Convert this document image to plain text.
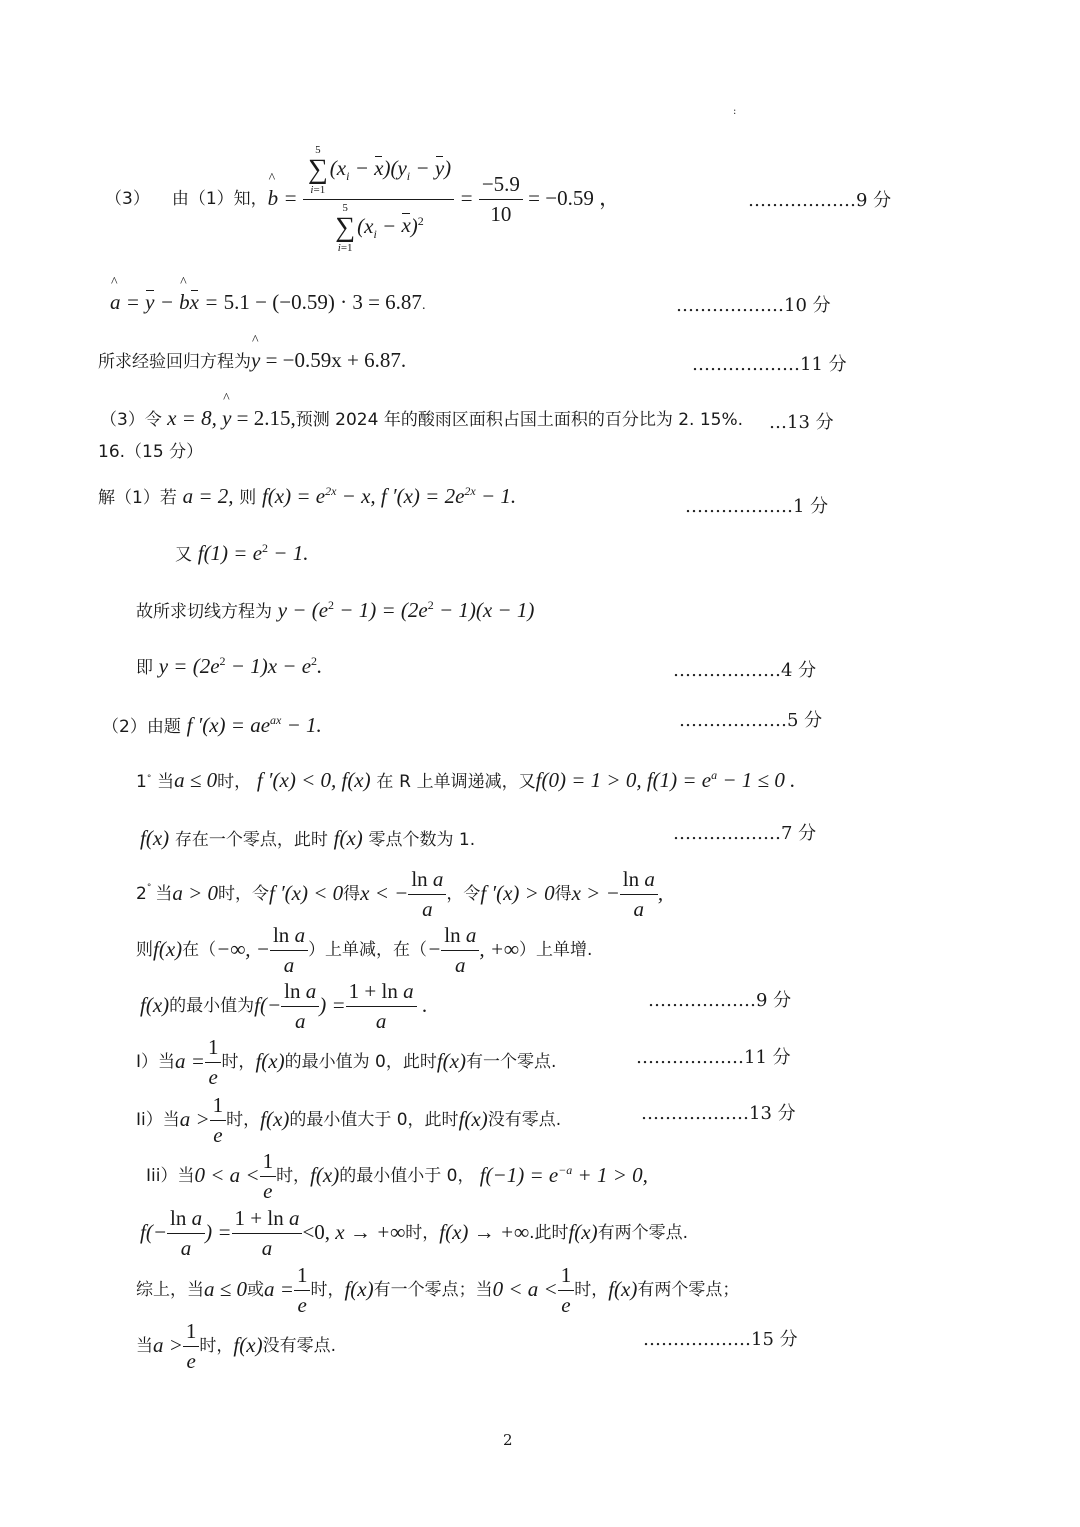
:
（3） 由（1）知， ^ b = 5
∑
i=1
$(x_i - x)(y_i - y)$
5
∑
i=1
$(x_i - x)^2 = \frac{-5.9}{10}$
= −0.59 ，	………………9 分
^ a = y − ^ bx = 5.1 − (−0.59) · 3 = 6.87.	………………10 分
所求经验回归方程为^ y = −0.59x + 6.87.	………………11 分
（3）令 x = 8, ^ y = 2.15,预测 2024 年的酸雨区面积占国土面积的百分比为 2. 15%. …13 分
16.（15 分）
解（1）若 a = 2, 则 $f(x) = e^{2x} - x$, f $'(x) = 2e^{2x} - 1$.	………………1 分
又 $f(1) = e^2 - 1$.
故所求切线方程为 $y - (e^2 - 1) = (2e^2 - 1)(x - 1)$
即 $y = (2e^2 - 1)x - e^2$.	………………4 分
（2）由题 f $'(x) = ae^{ax} - 1$.	………………5 分
1° 当a ≤ 0时， f ′(x) < 0, f(x) 在 R 上单调递减，又f(0) = 1 > 0, $f(1) = e^a - 1 \le 0$ .
f(x) 存在一个零点，此时 f(x) 零点个数为 1.	………………7 分
2 ° 当 a > 0 时，令 f ′(x) < 0 得 x < − $\frac{\text{ln a}}{a}$ ，令 f ′(x) > 0 得 x > − $\frac{\text{ln a}}{a}$ ,
则 f(x) 在（ −∞, − $\frac{\text{ln a}}{a}$ ）上单减，在（ − $\frac{\text{ln a}}{a}$ , +∞ ）上单增.
f(x) 的最小值为 $f(- \frac{\text{ln a}}{a}$ ) = $\frac{\text{1 + ln a}}{a}$
.	………………9 分
I）当 $a = \frac{1}{e}$ 时， f(x) 的最小值为 0，此时 f(x) 有一个零点.	………………11 分
Ii）当 $a > \frac{1}{e}$ 时， f(x) 的最小值大于 0，此时 f(x) 没有零点.	………………13 分
Iii）当 $0 < a < \frac{1}{e}$ 时， f(x) 的最小值小于 0， $f(-1) = e^{-a} + 1 > 0$,
$f(- \frac{\text{ln a}}{a}$ ) = $\frac{\text{1 + ln a}}{a} <0$, x → +∞ 时， f(x) → +∞ .此时 f(x) 有两个零点.
综上，当 a ≤ 0 或 $a = \frac{1}{e}$ 时， f(x) 有一个零点；当 $0 < a < \frac{1}{e}$ 时， f(x) 有两个零点；
当 $a > \frac{1}{e}$ 时， f(x) 没有零点.	………………15 分
2
